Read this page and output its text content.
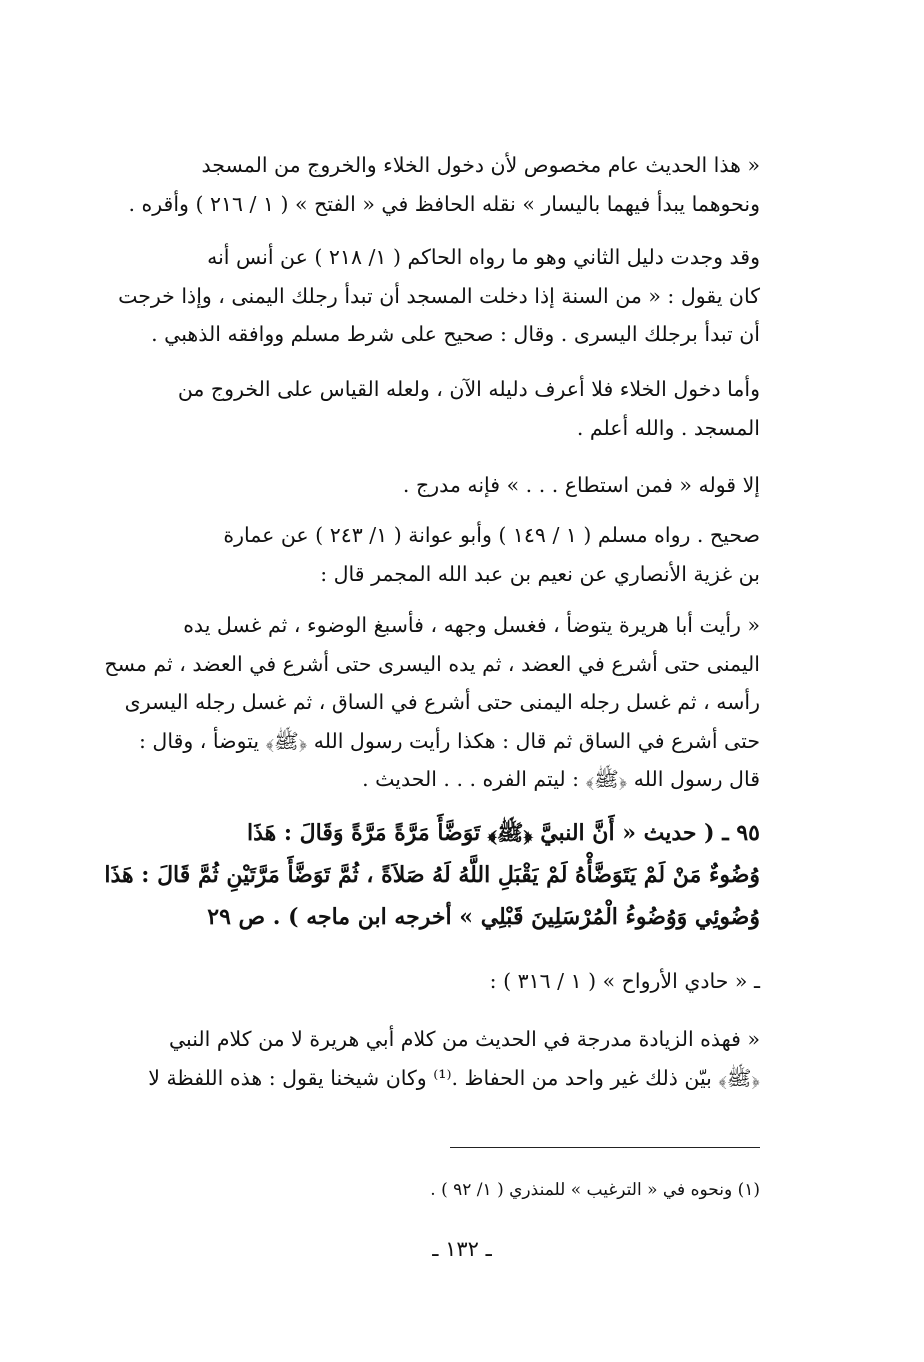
« هذا الحديث عام مخصوص لأن دخول الخلاء والخروج من المسجد

ونحوهما يبدأ فيهما باليسار » نقله الحافظ في « الفتح » ( ١ / ٢١٦ ) وأقره .

وقد وجدت دليل الثاني وهو ما رواه الحاكم ( ١/ ٢١٨ ) عن أنس أنه

كان يقول : « من السنة إذا دخلت المسجد أن تبدأ رجلك اليمنى ، وإذا خرجت

أن تبدأ برجلك اليسرى . وقال : صحيح على شرط مسلم ووافقه الذهبي .

وأما دخول الخلاء فلا أعرف دليله الآن ، ولعله القياس على الخروج من

المسجد . والله أعلم .

إلا قوله « فمن استطاع . . . » فإنه مدرج .

صحيح . رواه مسلم ( ١ / ١٤٩ ) وأبو عوانة ( ١/ ٢٤٣ ) عن عمارة

بن غزية الأنصاري عن نعيم بن عبد الله المجمر قال :

« رأيت أبا هريرة يتوضأ ، فغسل وجهه ، فأسبغ الوضوء ، ثم غسل يده

اليمنى حتى أشرع في العضد ، ثم يده اليسرى حتى أشرع في العضد ، ثم مسح

رأسه ، ثم غسل رجله اليمنى حتى أشرع في الساق ، ثم غسل رجله اليسرى

حتى أشرع في الساق ثم قال : هكذا رأيت رسول الله ﴿ﷺ﴾ يتوضأ ، وقال :

قال رسول الله ﴿ﷺ﴾ : ليتم الفره . . . الحديث .

٩٥ ـ ( حديث « أَنَّ النبيَّ ﴿ﷺ﴾ تَوَضَّأَ مَرَّةً مَرَّةً وَقَالَ : هَذَا

وُضُوءٌ مَنْ لَمْ يَتَوَضَّأْهُ لَمْ يَقْبَلِ اللَّهُ لَهُ صَلاَةً ، ثُمَّ تَوَضَّأَ مَرَّتَيْنِ ثُمَّ قَالَ : هَذَا

وُضُوئِي وَوُضُوءُ الْمُرْسَلِينَ قَبْلِي » أخرجه ابن ماجه ) . ص ٢٩

ـ « حادي الأرواح » ( ١ / ٣١٦ ) :

« فهذه الزيادة مدرجة في الحديث من كلام أبي هريرة لا من كلام النبي

﴿ﷺ﴾ بيّن ذلك غير واحد من الحفاظ .⁽¹⁾ وكان شيخنا يقول : هذه اللفظة لا

(١) ونحوه في « الترغيب » للمنذري ( ١/ ٩٢ ) .

ـ ١٣٢ ـ
